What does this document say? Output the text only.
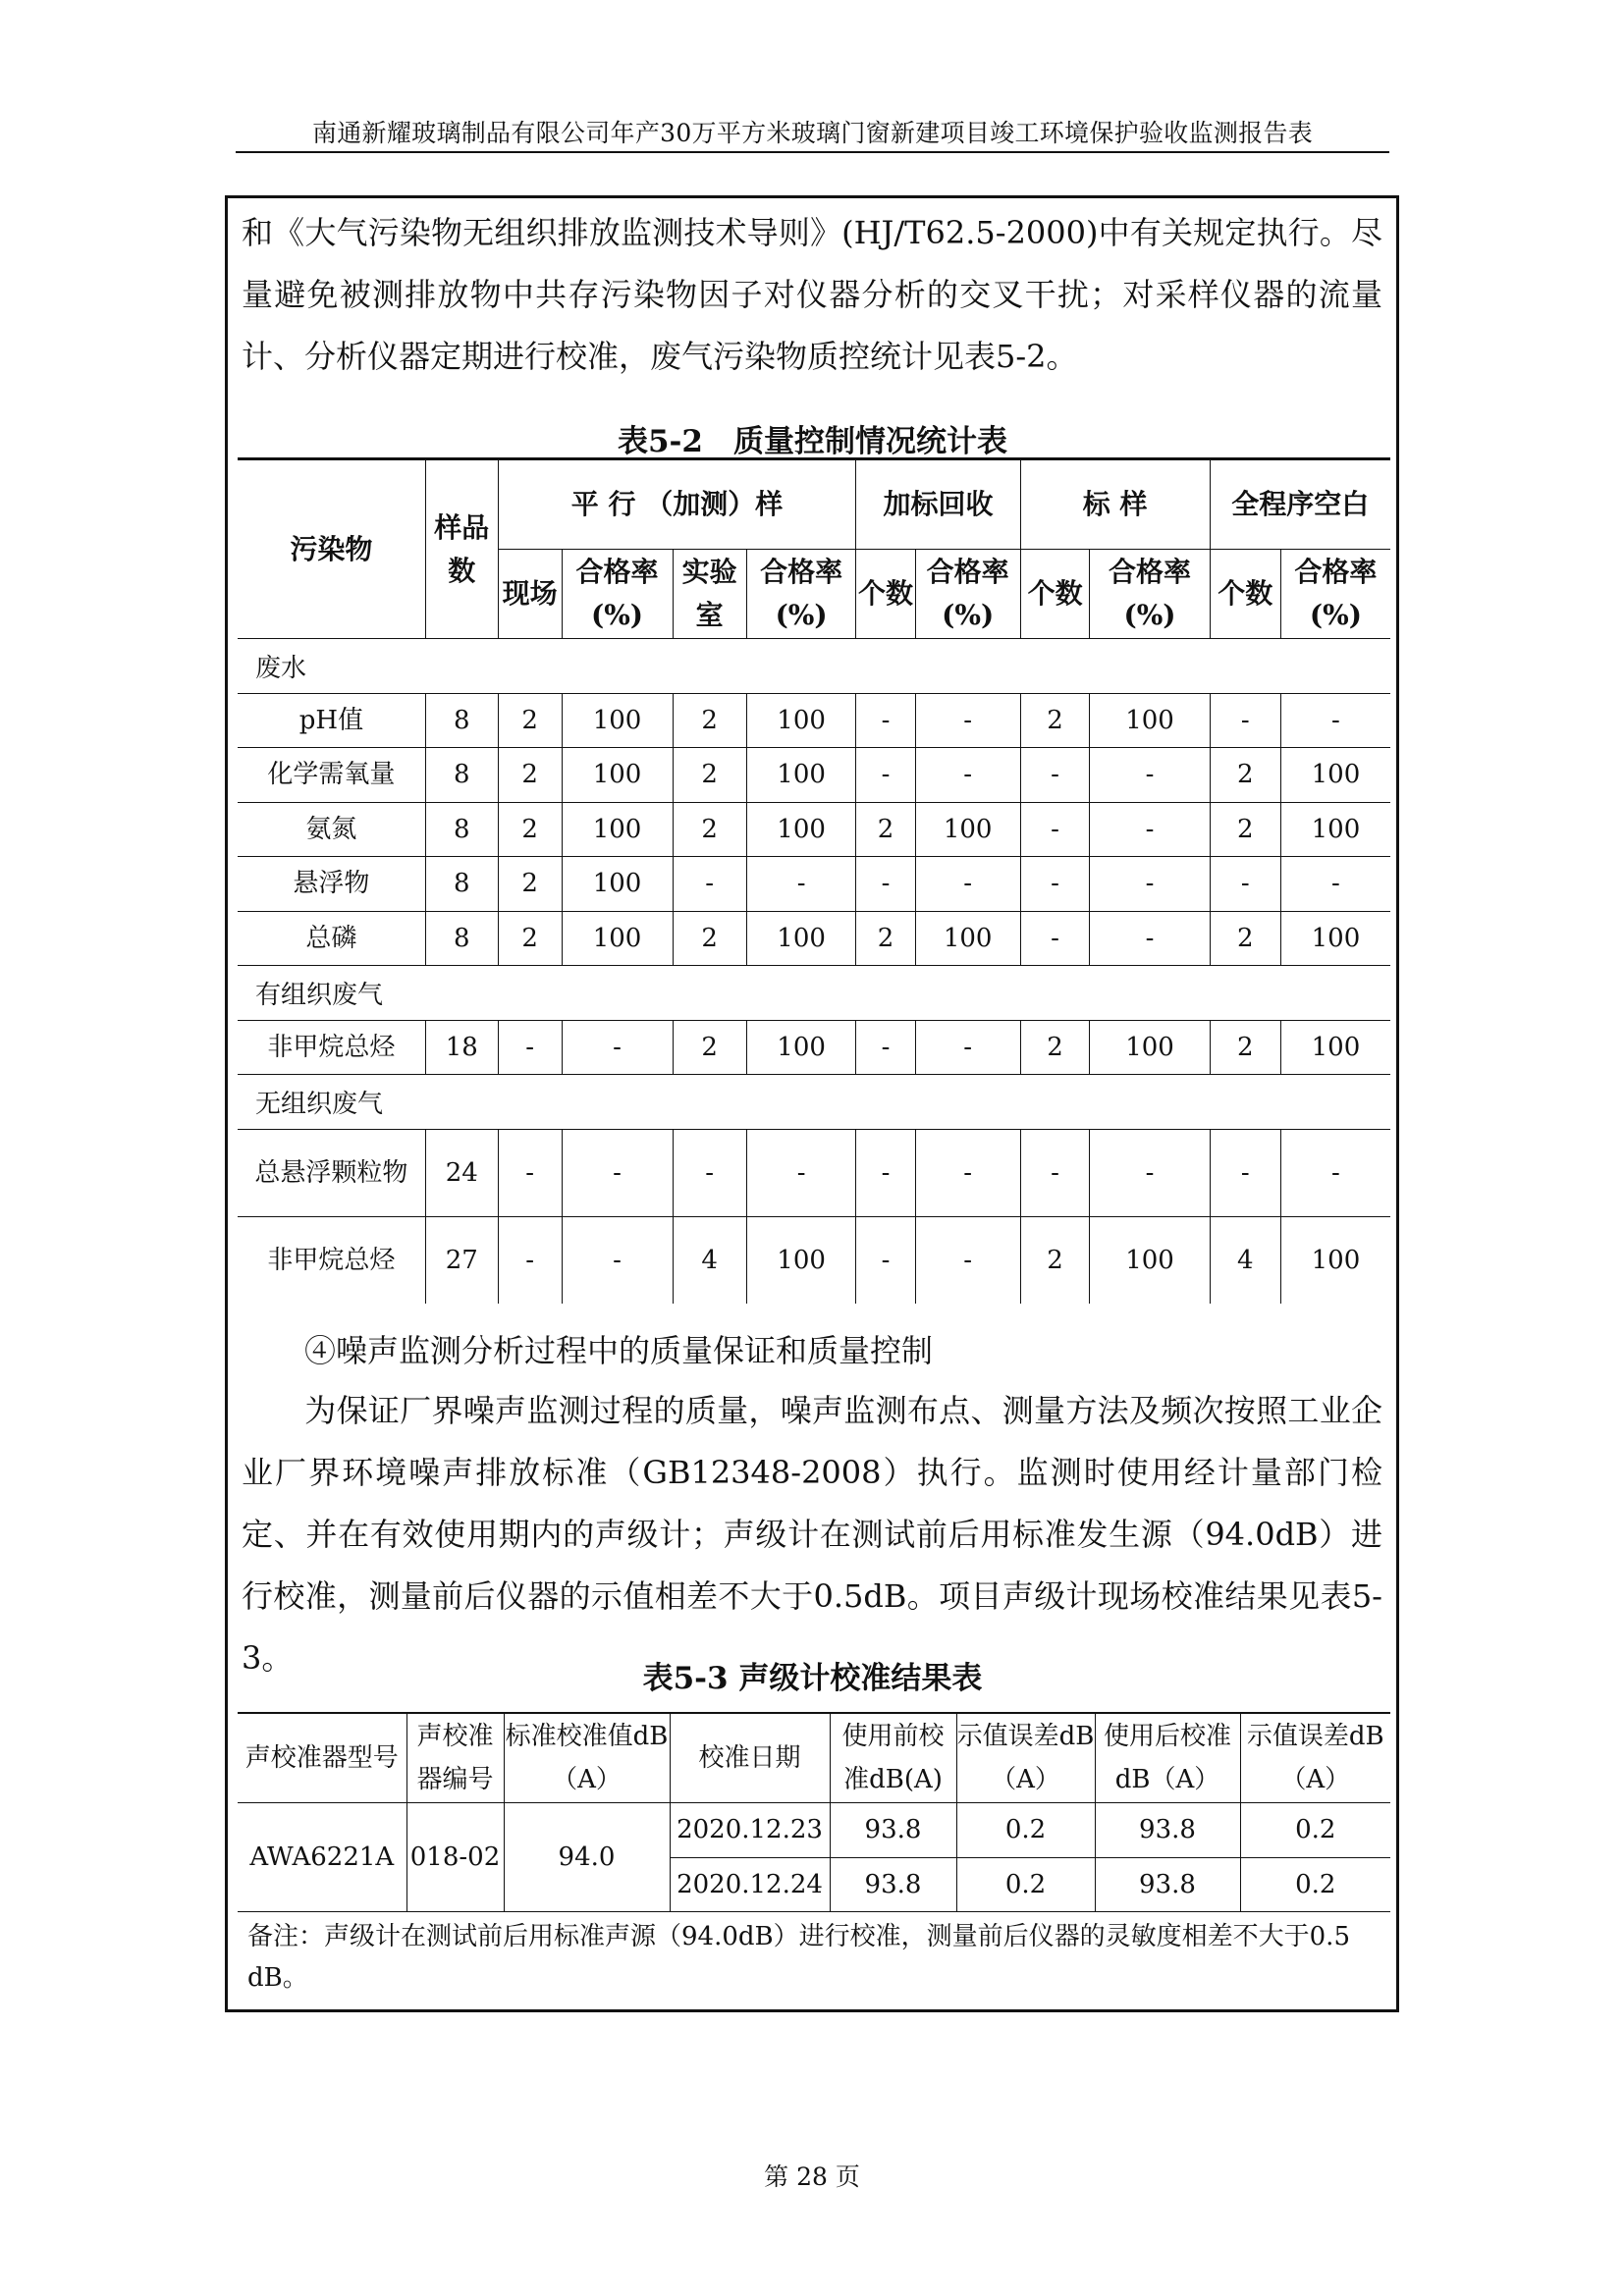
南通新耀玻璃制品有限公司年产30万平方米玻璃门窗新建项目竣工环境保护验收监测报告表

和《大气污染物无组织排放监测技术导则》(HJ/T62.5-2000)中有关规定执行。尽量避免被测排放物中共存污染物因子对仪器分析的交叉干扰；对采样仪器的流量计、分析仪器定期进行校准，废气污染物质控统计见表5-2。

表5-2　质量控制情况统计表

污染物	样品数	平 行 （加测）样				加标回收		标 样		全程序空白	
		现场	合格率(%)	实验室	合格率(%)	个数	合格率(%)	个数	合格率(%)	个数	合格率(%)
废水											
pH值	8	2	100	2	100	-	-	2	100	-	-
化学需氧量	8	2	100	2	100	-	-	-	-	2	100
氨氮	8	2	100	2	100	2	100	-	-	2	100
悬浮物	8	2	100	-	-	-	-	-	-	-	-
总磷	8	2	100	2	100	2	100	-	-	2	100
有组织废气											
非甲烷总烃	18	-	-	2	100	-	-	2	100	2	100
无组织废气											
总悬浮颗粒物	24	-	-	-	-	-	-	-	-	-	-
非甲烷总烃	27	-	-	4	100	-	-	2	100	4	100

④噪声监测分析过程中的质量保证和质量控制

为保证厂界噪声监测过程的质量，噪声监测布点、测量方法及频次按照工业企业厂界环境噪声排放标准（GB12348-2008）执行。监测时使用经计量部门检定、并在有效使用期内的声级计；声级计在测试前后用标准发生源（94.0dB）进行校准，测量前后仪器的示值相差不大于0.5dB。项目声级计现场校准结果见表5-3。

表5-3 声级计校准结果表

声校准器型号	声校准器编号	标准校准值dB（A）	校准日期	使用前校准dB(A)	示值误差dB（A）	使用后校准dB（A）	示值误差dB（A）
AWA6221A	018-02	94.0	2020.12.23	93.8	0.2	93.8	0.2
			2020.12.24	93.8	0.2	93.8	0.2
备注：声级计在测试前后用标准声源（94.0dB）进行校准，测量前后仪器的灵敏度相差不大于0.5 dB。							
第 28 页
